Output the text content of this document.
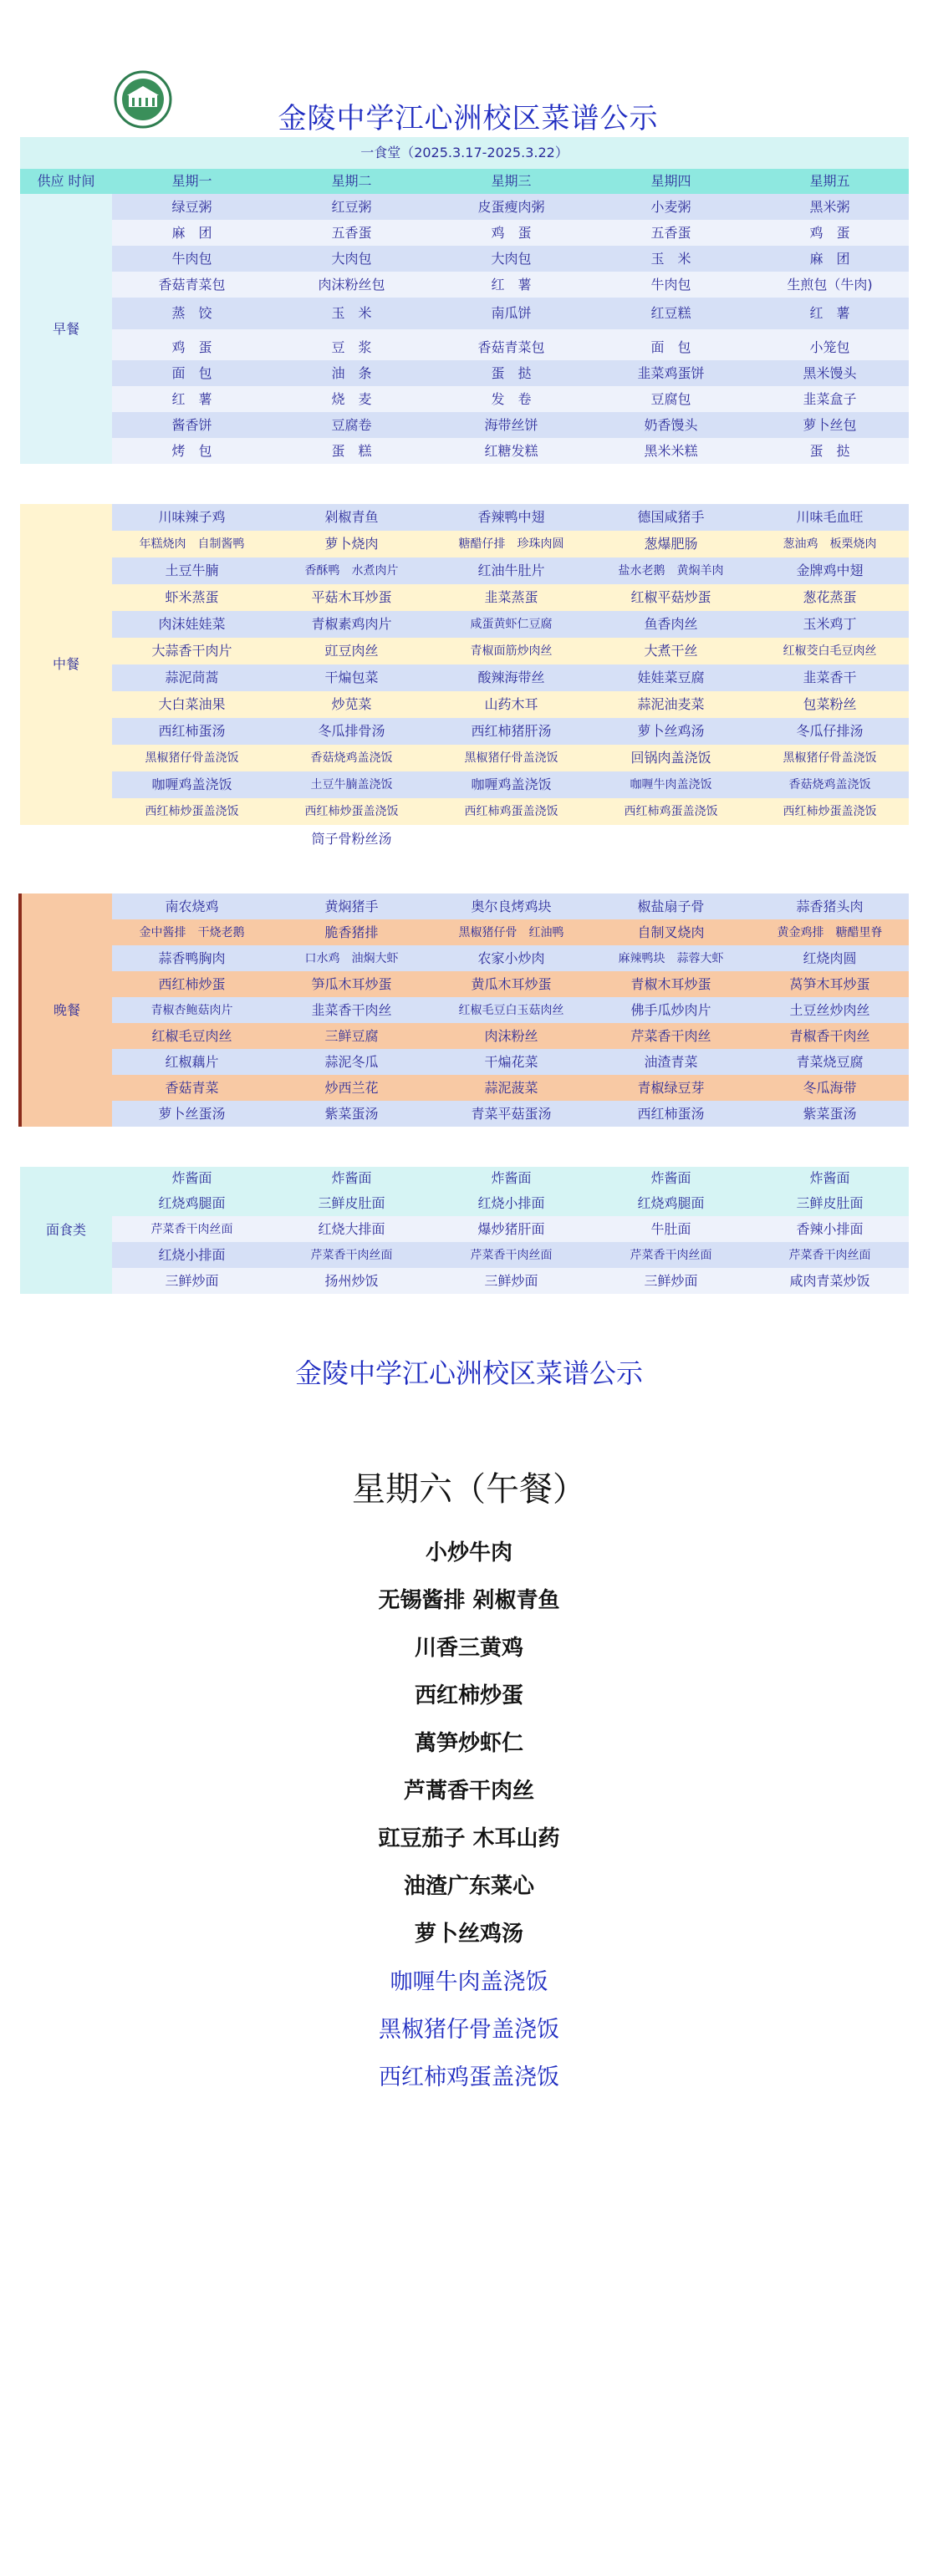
金陵中学江心洲校区菜谱公示
一食堂（2025.3.17-2025.3.22）					
供应 时间	星期一	星期二	星期三	星期四	星期五
早餐	绿豆粥	红豆粥	皮蛋瘦肉粥	小麦粥	黑米粥
	麻　团	五香蛋	鸡　蛋	五香蛋	鸡　蛋
	牛肉包	大肉包	大肉包	玉　米	麻　团
	香菇青菜包	肉沫粉丝包	红　薯	牛肉包	生煎包（牛肉)
	蒸　饺	玉　米	南瓜饼	红豆糕	红　薯

	鸡　蛋	豆　浆	香菇青菜包	面　包	小笼包
	面　包	油　条	蛋　挞	韭菜鸡蛋饼	黑米馒头
	红　薯	烧　麦	发　卷	豆腐包	韭菜盒子
	酱香饼	豆腐卷	海带丝饼	奶香馒头	萝卜丝包
	烤　包	蛋　糕	红糖发糕	黑米米糕	蛋　挞

中餐	川味辣子鸡	剁椒青鱼	香辣鸭中翅	德国咸猪手	川味毛血旺
	年糕烧肉　自制酱鸭	萝卜烧肉	糖醋仔排　珍珠肉圆	葱爆肥肠	葱油鸡　板栗烧肉
	土豆牛腩	香酥鸭　水煮肉片	红油牛肚片	盐水老鹅　黄焖羊肉	金牌鸡中翅
	虾米蒸蛋	平菇木耳炒蛋	韭菜蒸蛋	红椒平菇炒蛋	葱花蒸蛋
	肉沫娃娃菜	青椒素鸡肉片	咸蛋黄虾仁豆腐	鱼香肉丝	玉米鸡丁
	大蒜香干肉片	豇豆肉丝	青椒面筋炒肉丝	大煮干丝	红椒茭白毛豆肉丝
	蒜泥茼蒿	干煸包菜	酸辣海带丝	娃娃菜豆腐	韭菜香干
	大白菜油果	炒苋菜	山药木耳	蒜泥油麦菜	包菜粉丝
	西红柿蛋汤	冬瓜排骨汤	西红柿猪肝汤	萝卜丝鸡汤	冬瓜仔排汤
	黑椒猪仔骨盖浇饭	香菇烧鸡盖浇饭	黑椒猪仔骨盖浇饭	回锅肉盖浇饭	黑椒猪仔骨盖浇饭
	咖喱鸡盖浇饭	土豆牛腩盖浇饭	咖喱鸡盖浇饭	咖喱牛肉盖浇饭	香菇烧鸡盖浇饭
	西红柿炒蛋盖浇饭	西红柿炒蛋盖浇饭	西红柿鸡蛋盖浇饭	西红柿鸡蛋盖浇饭	西红柿炒蛋盖浇饭
		筒子骨粉丝汤			

晚餐	南农烧鸡	黄焖猪手	奥尔良烤鸡块	椒盐扇子骨	蒜香猪头肉
	金中酱排　干烧老鹅	脆香猪排	黑椒猪仔骨　红油鸭	自制叉烧肉	黄金鸡排　糖醋里脊
	蒜香鸭胸肉	口水鸡　油焖大虾	农家小炒肉	麻辣鸭块　蒜蓉大虾	红烧肉圆
	西红柿炒蛋	笋瓜木耳炒蛋	黄瓜木耳炒蛋	青椒木耳炒蛋	莴笋木耳炒蛋
	青椒杏鲍菇肉片	韭菜香干肉丝	红椒毛豆白玉菇肉丝	佛手瓜炒肉片	土豆丝炒肉丝
	红椒毛豆肉丝	三鲜豆腐	肉沫粉丝	芹菜香干肉丝	青椒香干肉丝
	红椒藕片	蒜泥冬瓜	干煸花菜	油渣青菜	青菜烧豆腐
	香菇青菜	炒西兰花	蒜泥菠菜	青椒绿豆芽	冬瓜海带
	萝卜丝蛋汤	紫菜蛋汤	青菜平菇蛋汤	西红柿蛋汤	紫菜蛋汤

面食类	炸酱面	炸酱面	炸酱面	炸酱面	炸酱面
	红烧鸡腿面	三鲜皮肚面	红烧小排面	红烧鸡腿面	三鲜皮肚面
	芹菜香干肉丝面	红烧大排面	爆炒猪肝面	牛肚面	香辣小排面
	红烧小排面	芹菜香干肉丝面	芹菜香干肉丝面	芹菜香干肉丝面	芹菜香干肉丝面
	三鲜炒面	扬州炒饭	三鲜炒面	三鲜炒面	咸肉青菜炒饭
金陵中学江心洲校区菜谱公示
星期六（午餐）
小炒牛肉
无锡酱排 剁椒青鱼
川香三黄鸡
西红柿炒蛋
萬笋炒虾仁
芦蒿香干肉丝
豇豆茄子 木耳山药
油渣广东菜心
萝卜丝鸡汤
咖喱牛肉盖浇饭
黑椒猪仔骨盖浇饭
西红柿鸡蛋盖浇饭
